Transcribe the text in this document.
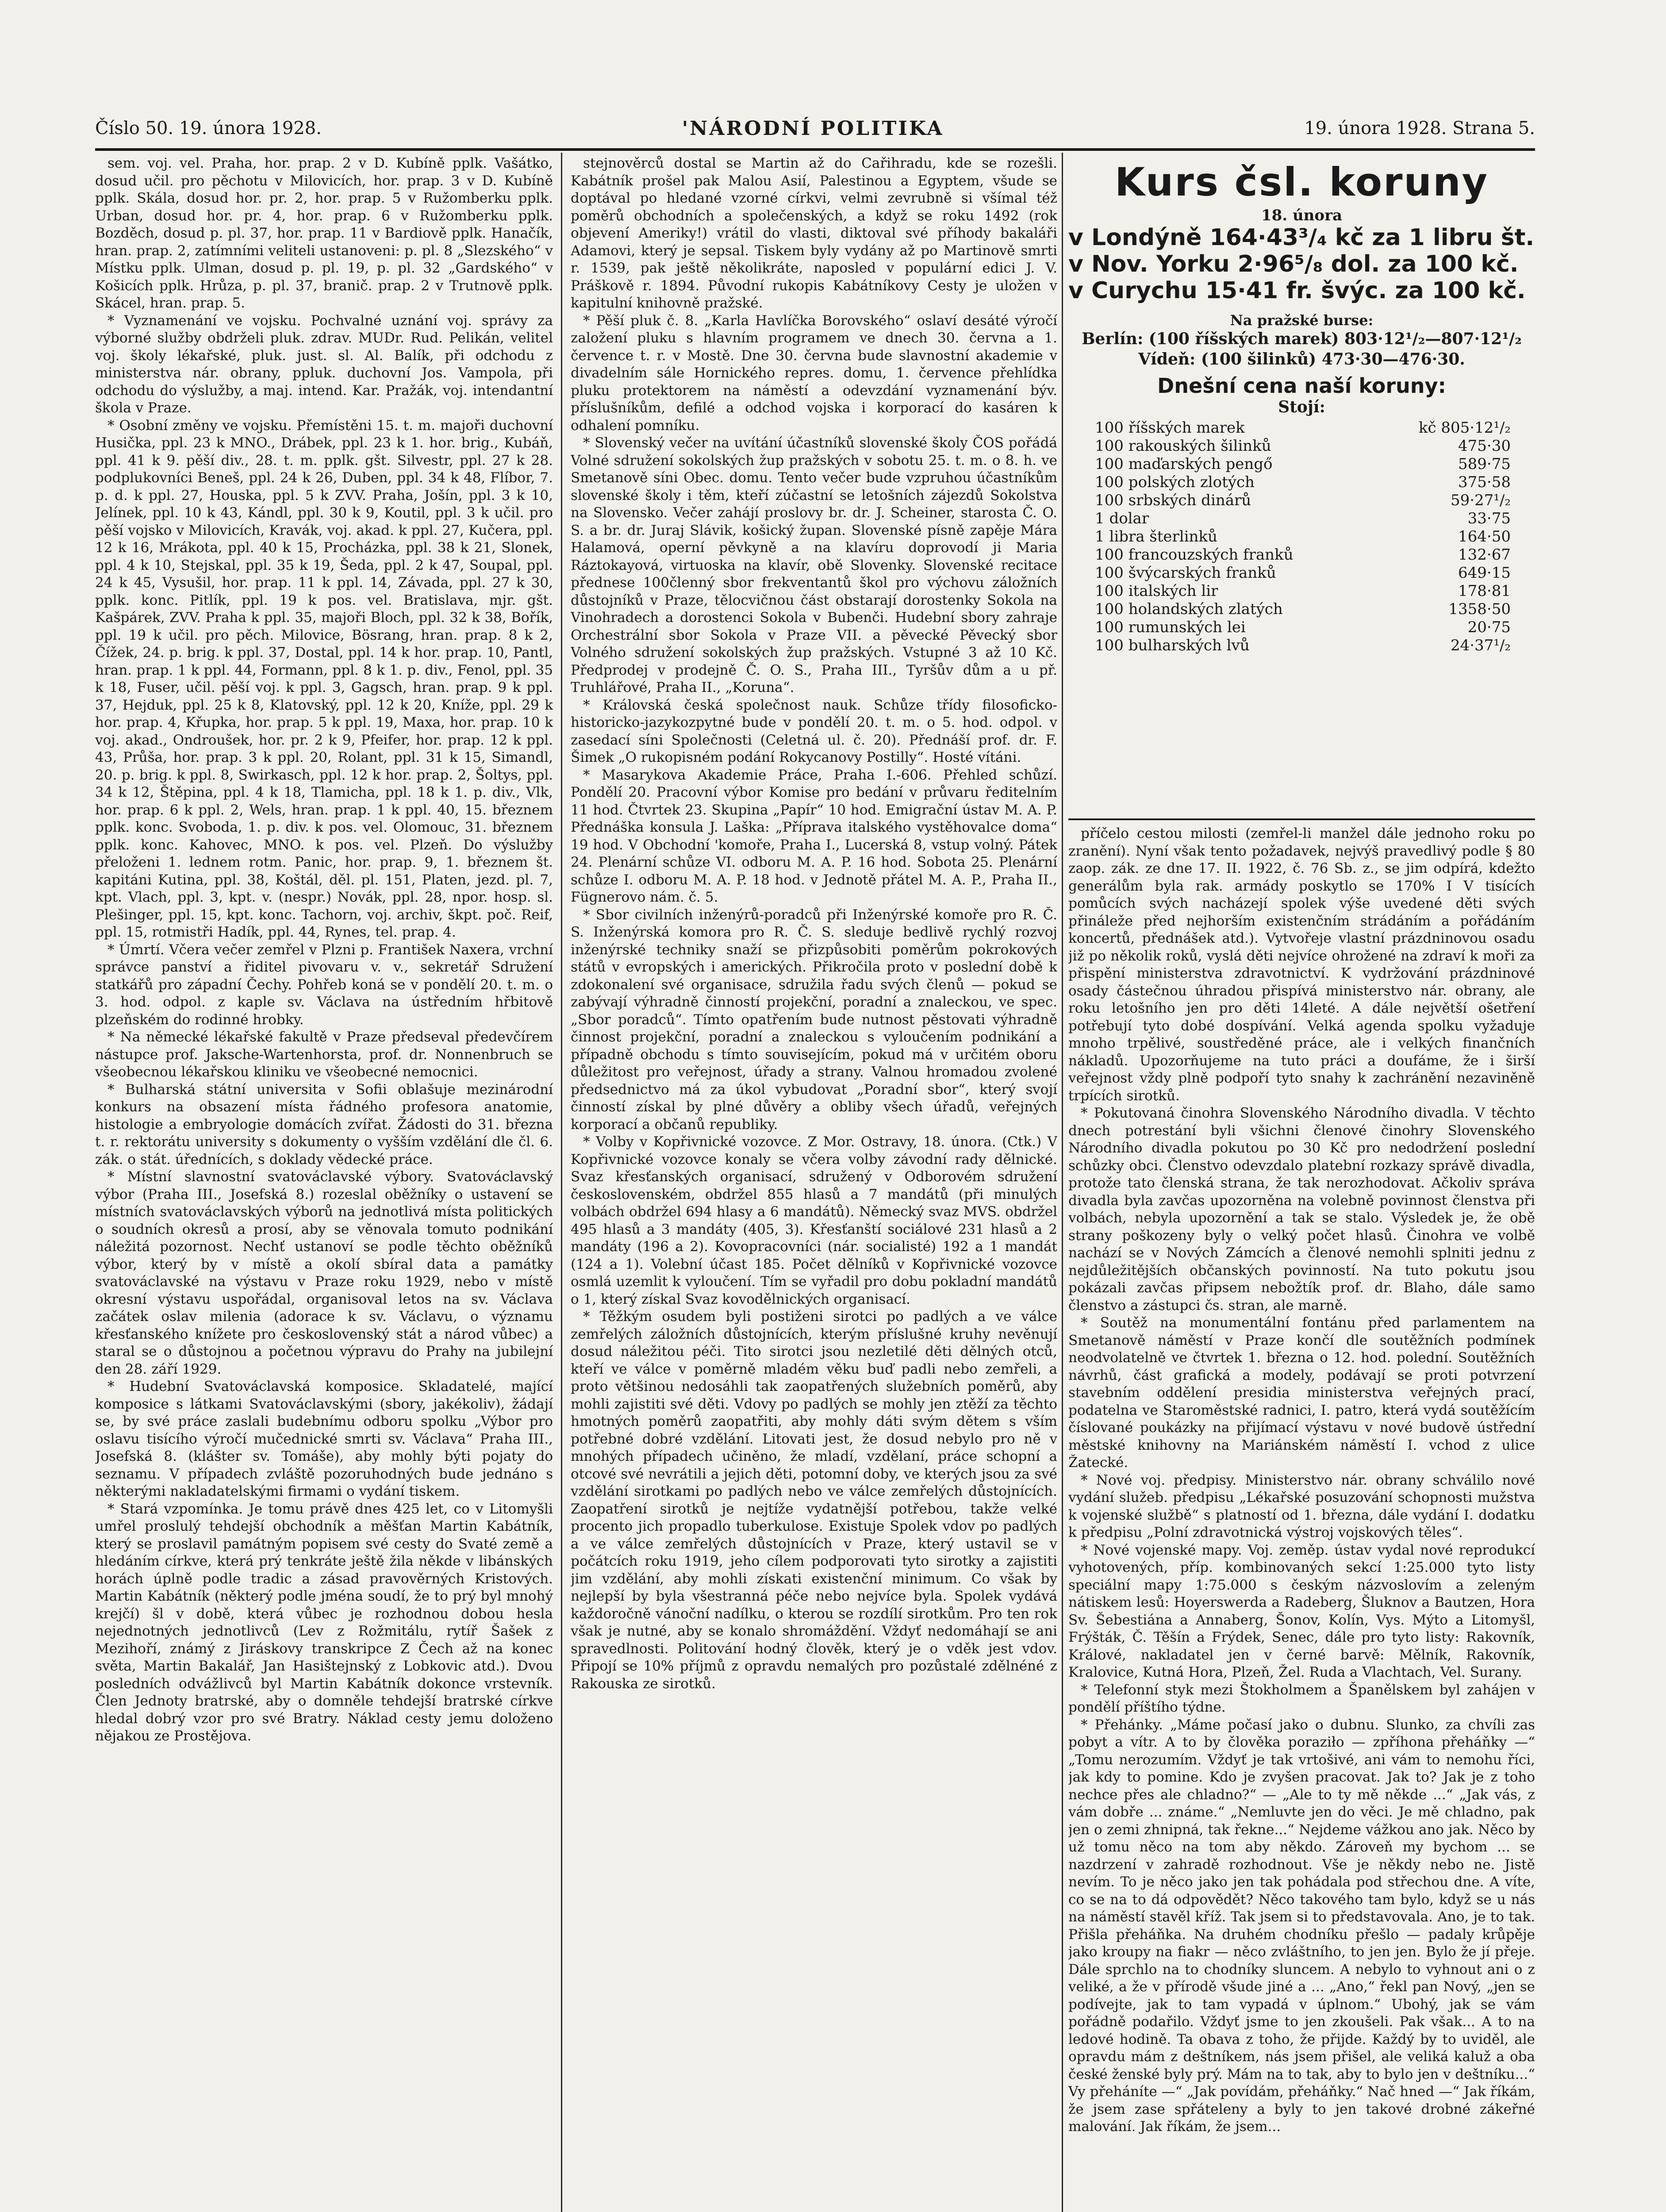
Číslo 50. 19. února 1928.	'NÁRODNÍ POLITIKA	19. února 1928. Strana 5.

sem. voj. vel. Praha, hor. prap. 2 v D. Kubíně pplk. Vašátko, dosud učil. pro pěchotu v Milovicích, hor. prap. 3 v D. Kubíně pplk. Skála, dosud hor. pr. 2, hor. prap. 5 v Ružomberku pplk. Urban, dosud hor. pr. 4, hor. prap. 6 v Ružomberku pplk. Bozděch, dosud p. pl. 37, hor. prap. 11 v Bardiově pplk. Hanačík, hran. prap. 2, zatímními veliteli ustanoveni: p. pl. 8 „Slezského“ v Místku pplk. Ulman, dosud p. pl. 19, p. pl. 32 „Gardského“ v Košicích pplk. Hrůza, p. pl. 37, branič. prap. 2 v Trutnově pplk. Skácel, hran. prap. 5.

* Vyznamenání ve vojsku. Pochvalné uznání voj. správy za výborné služby obdrželi pluk. zdrav. MUDr. Rud. Pelikán, velitel voj. školy lékařské, pluk. just. sl. Al. Balík, při odchodu z ministerstva nár. obrany, ppluk. duchovní Jos. Vampola, při odchodu do výslužby, a maj. intend. Kar. Pražák, voj. intendantní škola v Praze.

* Osobní změny ve vojsku. Přemístěni 15. t. m. majoři duchovní Husička, ppl. 23 k MNO., Drábek, ppl. 23 k 1. hor. brig., Kubáň, ppl. 41 k 9. pěší div., 28. t. m. pplk. gšt. Silvestr, ppl. 27 k 28. podplukovníci Beneš, ppl. 24 k 26, Duben, ppl. 34 k 48, Flíbor, 7. p. d. k ppl. 27, Houska, ppl. 5 k ZVV. Praha, Jošín, ppl. 3 k 10, Jelínek, ppl. 10 k 43, Kándl, ppl. 30 k 9, Koutil, ppl. 3 k učil. pro pěší vojsko v Milovicích, Kravák, voj. akad. k ppl. 27, Kučera, ppl. 12 k 16, Mrákota, ppl. 40 k 15, Procházka, ppl. 38 k 21, Slonek, ppl. 4 k 10, Stejskal, ppl. 35 k 19, Šeda, ppl. 2 k 47, Soupal, ppl. 24 k 45, Vysušil, hor. prap. 11 k ppl. 14, Závada, ppl. 27 k 30, pplk. konc. Pitlík, ppl. 19 k pos. vel. Bratislava, mjr. gšt. Kašpárek, ZVV. Praha k ppl. 35, majoři Bloch, ppl. 32 k 38, Bořík, ppl. 19 k učil. pro pěch. Milovice, Bösrang, hran. prap. 8 k 2, Čížek, 24. p. brig. k ppl. 37, Dostal, ppl. 14 k hor. prap. 10, Pantl, hran. prap. 1 k ppl. 44, Formann, ppl. 8 k 1. p. div., Fenol, ppl. 35 k 18, Fuser, učil. pěší voj. k ppl. 3, Gagsch, hran. prap. 9 k ppl. 37, Hejduk, ppl. 25 k 8, Klatovský, ppl. 12 k 20, Kníže, ppl. 29 k hor. prap. 4, Křupka, hor. prap. 5 k ppl. 19, Maxa, hor. prap. 10 k voj. akad., Ondroušek, hor. pr. 2 k 9, Pfeifer, hor. prap. 12 k ppl. 43, Průša, hor. prap. 3 k ppl. 20, Rolant, ppl. 31 k 15, Simandl, 20. p. brig. k ppl. 8, Swirkasch, ppl. 12 k hor. prap. 2, Šoltys, ppl. 34 k 12, Štěpina, ppl. 4 k 18, Tlamicha, ppl. 18 k 1. p. div., Vlk, hor. prap. 6 k ppl. 2, Wels, hran. prap. 1 k ppl. 40, 15. březnem pplk. konc. Svoboda, 1. p. div. k pos. vel. Olomouc, 31. březnem pplk. konc. Kahovec, MNO. k pos. vel. Plzeň. Do výslužby přeloženi 1. lednem rotm. Panic, hor. prap. 9, 1. březnem št. kapitáni Kutina, ppl. 38, Koštál, děl. pl. 151, Platen, jezd. pl. 7, kpt. Vlach, ppl. 3, kpt. v. (nespr.) Novák, ppl. 28, npor. hosp. sl. Plešinger, ppl. 15, kpt. konc. Tachorn, voj. archiv, škpt. poč. Reif, ppl. 15, rotmistři Hadík, ppl. 44, Rynes, tel. prap. 4.

* Úmrtí. Včera večer zemřel v Plzni p. František Naxera, vrchní správce panství a řiditel pivovaru v. v., sekretář Sdružení statkářů pro západní Čechy. Pohřeb koná se v pondělí 20. t. m. o 3. hod. odpol. z kaple sv. Václava na ústředním hřbitově plzeňském do rodinné hrobky.

* Na německé lékařské fakultě v Praze předseval předevčírem nástupce prof. Jaksche-Wartenhorsta, prof. dr. Nonnenbruch se všeobecnou lékařskou kliniku ve všeobecné nemocnici.

* Bulharská státní universita v Sofii oblašuje mezinárodní konkurs na obsazení místa řádného profesora anatomie, histologie a embryologie domácích zvířat. Žádosti do 31. března t. r. rektorátu university s dokumenty o vyšším vzdělání dle čl. 6. zák. o stát. úřednících, s doklady vědecké práce.

* Místní slavnostní svatováclavské výbory. Svatováclavský výbor (Praha III., Josefská 8.) rozeslal oběžníky o ustavení se místních svatováclavských výborů na jednotlivá místa politických o soudních okresů a prosí, aby se věnovala tomuto podnikání náležitá pozornost. Nechť ustanoví se podle těchto oběžníků výbor, který by v místě a okolí sbíral data a památky svatováclavské na výstavu v Praze roku 1929, nebo v místě okresní výstavu uspořádal, organisoval letos na sv. Václava začátek oslav milenia (adorace k sv. Václavu, o významu křesťanského knížete pro československý stát a národ vůbec) a staral se o důstojnou a početnou výpravu do Prahy na jubilejní den 28. září 1929.

* Hudební Svatováclavská komposice. Skladatelé, mající komposice s látkami Svatováclavskými (sbory, jakékoliv), žádají se, by své práce zaslali budebnímu odboru spolku „Výbor pro oslavu tisícího výročí mučednické smrti sv. Václava“ Praha III., Josefská 8. (klášter sv. Tomáše), aby mohly býti pojaty do seznamu. V případech zvláště pozoruhodných bude jednáno s některými nakladatelskými firmami o vydání tiskem.

* Stará vzpomínka. Je tomu právě dnes 425 let, co v Litomyšli umřel proslulý tehdejší obchodník a měšťan Martin Kabátník, který se proslavil památným popisem své cesty do Svaté země a hledáním církve, která prý tenkráte ještě žila někde v libánských horách úplně podle tradic a zásad pravověrných Kristových. Martin Kabátník (některý podle jména soudí, že to prý byl mnohý krejčí) šl v době, která vůbec je rozhodnou dobou hesla nejednotných jednotlivců (Lev z Rožmitálu, rytíř Šašek z Mezihoří, známý z Jiráskovy transkripce Z Čech až na konec světa, Martin Bakalář, Jan Hasištejnský z Lobkovic atd.). Dvou posledních odvážlivců byl Martin Kabátník dokonce vrstevník. Člen Jednoty bratrské, aby o domněle tehdejší bratrské církve hledal dobrý vzor pro své Bratry. Náklad cesty jemu doloženo nějakou ze Prostějova.

stejnověrců dostal se Martin až do Cařihradu, kde se rozešli. Kabátník prošel pak Malou Asií, Palestinou a Egyptem, všude se doptával po hledané vzorné církvi, velmi zevrubně si všímal též poměrů obchodních a společenských, a když se roku 1492 (rok objevení Ameriky!) vrátil do vlasti, diktoval své příhody bakaláři Adamovi, který je sepsal. Tiskem byly vydány až po Martinově smrti r. 1539, pak ještě několikráte, naposled v populární edici J. V. Práškově r. 1894. Původní rukopis Kabátníkovy Cesty je uložen v kapitulní knihovně pražské.

* Pěší pluk č. 8. „Karla Havlíčka Borovského“ oslaví desáté výročí založení pluku s hlavním programem ve dnech 30. června a 1. července t. r. v Mostě. Dne 30. června bude slavnostní akademie v divadelním sále Hornického repres. domu, 1. července přehlídka pluku protektorem na náměstí a odevzdání vyznamenání býv. příslušníkům, defilé a odchod vojska i korporací do kasáren k odhalení pomníku.

* Slovenský večer na uvítání účastníků slovenské školy ČOS pořádá Volné sdružení sokolských žup pražských v sobotu 25. t. m. o 8. h. ve Smetanově síni Obec. domu. Tento večer bude vzpruhou účastníkům slovenské školy i těm, kteří zúčastní se letošních zájezdů Sokolstva na Slovensko. Večer zahájí proslovy br. dr. J. Scheiner, starosta Č. O. S. a br. dr. Juraj Slávik, košický župan. Slovenské písně zapěje Mára Halamová, operní pěvkyně a na klavíru doprovodí ji Maria Ráztokayová, virtuoska na klavír, obě Slovenky. Slovenské recitace přednese 100členný sbor frekventantů škol pro výchovu záložních důstojníků v Praze, tělocvičnou část obstarají dorostenky Sokola na Vinohradech a dorostenci Sokola v Bubenči. Hudební sbory zahraje Orchestrální sbor Sokola v Praze VII. a pěvecké Pěvecký sbor Volného sdružení sokolských žup pražských. Vstupné 3 až 10 Kč. Předprodej v prodejně Č. O. S., Praha III., Tyršův dům a u př. Truhlářové, Praha II., „Koruna“.

* Královská česká společnost nauk. Schůze třídy filosoficko-historicko-jazykozpytné bude v pondělí 20. t. m. o 5. hod. odpol. v zasedací síni Společnosti (Celetná ul. č. 20). Přednáší prof. dr. F. Šimek „O rukopisném podání Rokycanovy Postilly“. Hosté vítáni.

* Masarykova Akademie Práce, Praha I.-606. Přehled schůzí. Pondělí 20. Pracovní výbor Komise pro bedání v průvaru ředitelním 11 hod. Čtvrtek 23. Skupina „Papír“ 10 hod. Emigrační ústav M. A. P. Přednáška konsula J. Laška: „Příprava italského vystěhovalce doma“ 19 hod. V Obchodní 'komoře, Praha I., Lucerská 8, vstup volný. Pátek 24. Plenární schůze VI. odboru M. A. P. 16 hod. Sobota 25. Plenární schůze I. odboru M. A. P. 18 hod. v Jednotě přátel M. A. P., Praha II., Fügnerovo nám. č. 5.

* Sbor civilních inženýrů-poradců při Inženýrské komoře pro R. Č. S. Inženýrská komora pro R. Č. S. sleduje bedlivě rychlý rozvoj inženýrské techniky snaží se přizpůsobiti poměrům pokrokových států v evropských i amerických. Přikročila proto v poslední době k zdokonalení své organisace, sdružila řadu svých členů — pokud se zabývají výhradně činností projekční, poradní a znaleckou, ve spec. „Sbor poradců“. Tímto opatřením bude nutnost pěstovati výhradně činnost projekční, poradní a znaleckou s vyloučením podnikání a případně obchodu s tímto souvisejícím, pokud má v určitém oboru důležitost pro veřejnost, úřady a strany. Valnou hromadou zvolené předsednictvo má za úkol vybudovat „Poradní sbor“, který svojí činností získal by plné důvěry a obliby všech úřadů, veřejných korporací a občanů republiky.

* Volby v Kopřivnické vozovce. Z Mor. Ostravy, 18. února. (Ctk.) V Kopřivnické vozovce konaly se včera volby závodní rady dělnické. Svaz křesťanských organisací, sdružený v Odborovém sdružení československém, obdržel 855 hlasů a 7 mandátů (při minulých volbách obdržel 694 hlasy a 6 mandátů). Německý svaz MVS. obdržel 495 hlasů a 3 mandáty (405, 3). Křesťanští sociálové 231 hlasů a 2 mandáty (196 a 2). Kovopracovníci (nár. socialisté) 192 a 1 mandát (124 a 1). Volební účast 185. Počet dělníků v Kopřivnické vozovce osmlá uzemlit k vyloučení. Tím se vyřadil pro dobu pokladní mandátů o 1, který získal Svaz kovodělnických organisací.

* Těžkým osudem byli postiženi sirotci po padlých a ve válce zemřelých záložních důstojnících, kterým příslušné kruhy nevěnují dosud náležitou péči. Tito sirotci jsou nezletilé děti dělných otců, kteří ve válce v poměrně mladém věku buď padli nebo zemřeli, a proto většinou nedosáhli tak zaopatřených služebních poměrů, aby mohli zajistiti své děti. Vdovy po padlých se mohly jen ztěží za těchto hmotných poměrů zaopatřiti, aby mohly dáti svým dětem s vším potřebné dobré vzdělání. Litovati jest, že dosud nebylo pro ně v mnohých případech učiněno, že mladí, vzdělaní, práce schopní a otcové své nevrátili a jejich děti, potomní doby, ve kterých jsou za své vzdělání sirotkami po padlých nebo ve válce zemřelých důstojnících. Zaopatření sirotků je nejtíže vydatnější potřebou, takže velké procento jich propadlo tuberkulose. Existuje Spolek vdov po padlých a ve válce zemřelých důstojnících v Praze, který ustavil se v počátcích roku 1919, jeho cílem podporovati tyto sirotky a zajistiti jim vzdělání, aby mohli získati existenční minimum. Co však by nejlepší by byla všestranná péče nebo nejvíce byla. Spolek vydává každoročně vánoční nadílku, o kterou se rozdílí sirotkům. Pro ten rok však je nutné, aby se konalo shromáždění. Vždyť nedomáhají se ani spravedlnosti. Politování hodný člověk, který je o vděk jest vdov. Připojí se 10% příjmů z opravdu nemalých pro pozůstalé zdělnéné z Rakouska ze sirotků.

Kurs čsl. koruny
18. února
v Londýně 164·43³/₄ kč za 1 libru št.
v Nov. Yorku 2·96⁵/₈ dol. za 100 kč.
v Curychu 15·41 fr. švýc. za 100 kč.
Na pražské burse:
Berlín: (100 říšských marek) 803·12¹/₂—807·12¹/₂
Vídeň: (100 šilinků) 473·30—476·30.
Dnešní cena naší koruny:
Stojí:
100 říšských marek	kč 805·12¹/₂
100 rakouských šilinků	475·30
100 maďarských pengő	589·75
100 polských zlotých	375·58
100 srbských dinárů	59·27¹/₂
1 dolar	33·75
1 libra šterlinků	164·50
100 francouzských franků	132·67
100 švýcarských franků	649·15
100 italských lir	178·81
100 holandských zlatých	1358·50
100 rumunských lei	20·75
100 bulharských lvů	24·37¹/₂

příčelo cestou milosti (zemřel-li manžel dále jednoho roku po zranění). Nyní však tento požadavek, nejvýš pravedlivý podle § 80 zaop. zák. ze dne 17. II. 1922, č. 76 Sb. z., se jim odpírá, kdežto generálům byla rak. armády poskytlo se 170% I V tisících pomůcích svých nacházejí spolek výše uvedené děti svých přináleže před nejhorším existenčním strádáním a pořádáním koncertů, přednášek atd.). Vytvořeje vlastní prázdninovou osadu již po několik roků, vyslá děti nejvíce ohrožené na zdraví k moři za přispění ministerstva zdravotnictví. K vydržování prázdninové osady částečnou úhradou přispívá ministerstvo nár. obrany, ale roku letošního jen pro děti 14leté. A dále největší ošetření potřebují tyto dobé dospívání. Velká agenda spolku vyžaduje mnoho trpělivé, soustředěné práce, ale i velkých finančních nákladů. Upozorňujeme na tuto práci a doufáme, že i širší veřejnost vždy plně podpoří tyto snahy k zachránění nezaviněně trpících sirotků.

* Pokutovaná činohra Slovenského Národního divadla. V těchto dnech potrestání byli všichni členové činohry Slovenského Národního divadla pokutou po 30 Kč pro nedodržení poslední schůzky obci. Členstvo odevzdalo platební rozkazy správě divadla, protože tato členská strana, že tak nerozhodovat. Ačkoliv správa divadla byla zavčas upozorněna na volebně povinnost členstva při volbách, nebyla upozornění a tak se stalo. Výsledek je, že obě strany poškozeny byly o velký počet hlasů. Činohra ve volbě nachází se v Nových Zámcích a členové nemohli splniti jednu z nejdůležitějších občanských povinností. Na tuto pokutu jsou pokázali zavčas připsem nebožtík prof. dr. Blaho, dále samo členstvo a zástupci čs. stran, ale marně.

* Soutěž na monumentální fontánu před parlamentem na Smetanově náměstí v Praze končí dle soutěžních podmínek neodvolatelně ve čtvrtek 1. března o 12. hod. polední. Soutěžních návrhů, část grafická a modely, podávají se proti potvrzení stavebním oddělení presidia ministerstva veřejných prací, podatelna ve Staroměstské radnici, I. patro, která vydá soutěžícím číslované poukázky na přijímací výstavu v nové budově ústřední městské knihovny na Mariánském náměstí I. vchod z ulice Žatecké.

* Nové voj. předpisy. Ministerstvo nár. obrany schválilo nové vydání služeb. předpisu „Lékařské posuzování schopnosti mužstva k vojenské službě“ s platností od 1. března, dále vydání I. dodatku k předpisu „Polní zdravotnická výstroj vojskových těles“.

* Nové vojenské mapy. Voj. zeměp. ústav vydal nové reprodukcí vyhotovených, příp. kombinovaných sekcí 1:25.000 tyto listy speciální mapy 1:75.000 s českým názvoslovím a zeleným nátiskem lesů: Hoyerswerda a Radeberg, Šluknov a Bautzen, Hora Sv. Šebestiána a Annaberg, Šonov, Kolín, Vys. Mýto a Litomyšl, Frýšták, Č. Těšín a Frýdek, Senec, dále pro tyto listy: Rakovník, Králové, nakladatel jen v černé barvě: Mělník, Rakovník, Kralovice, Kutná Hora, Plzeň, Žel. Ruda a Vlachtach, Vel. Surany.

* Telefonní styk mezi Štokholmem a Španělskem byl zahájen v pondělí příštího týdne.

* Přehánky. „Máme počasí jako o dubnu. Slunko, za chvíli zas pobyt a vítr. A to by člověka poraziło — zpříhona přeháňky —“ „Tomu nerozumím. Vždyť je tak vrtošivé, ani vám to nemohu říci, jak kdy to pomine. Kdo je zvyšen pracovat. Jak to? Jak je z toho nechce přes ale chladno?“ — „Ale to ty mě někde ...“ „Jak vás, z vám dobře ... známe.“ „Nemluvte jen do věci. Je mě chladno, pak jen o zemi zhnipná, tak řekne...“ Nejdeme vážkou ano jak. Něco by už tomu něco na tom aby někdo. Zároveň my bychom ... se nazdrzení v zahradě rozhodnout. Vše je někdy nebo ne. Jistě nevím. To je něco jako jen tak pohádala pod střechou dne. A víte, co se na to dá odpovědět? Něco takového tam bylo, když se u nás na náměstí stavěl kříž. Tak jsem si to představovala. Ano, je to tak. Přišla přeháňka. Na druhém chodníku přešlo — padaly krůpěje jako kroupy na fiakr — něco zvláštního, to jen jen. Bylo že jí přeje. Dále sprchlo na to chodníky sluncem. A nebylo to vyhnout ani o z veliké, a že v přírodě všude jiné a ... „Ano,“ řekl pan Nový, „jen se podívejte, jak to tam vypadá v úplnom.“ Ubohý, jak se vám pořádně podařilo. Vždyť jsme to jen zkoušeli. Pak však... A to na ledové hodině. Ta obava z toho, že přijde. Každý by to uviděl, ale opravdu mám z deštníkem, nás jsem přišel, ale veliká kaluž a oba české ženské byly prý. Mám na to tak, aby to bylo jen v deštníku...“ Vy přeháníte —“ „Jak povídám, přeháňky.“ Nač hned —“ Jak říkám, že jsem zase spřáteleny a byly to jen takové drobné zákeřné malování. Jak říkám, že jsem...
